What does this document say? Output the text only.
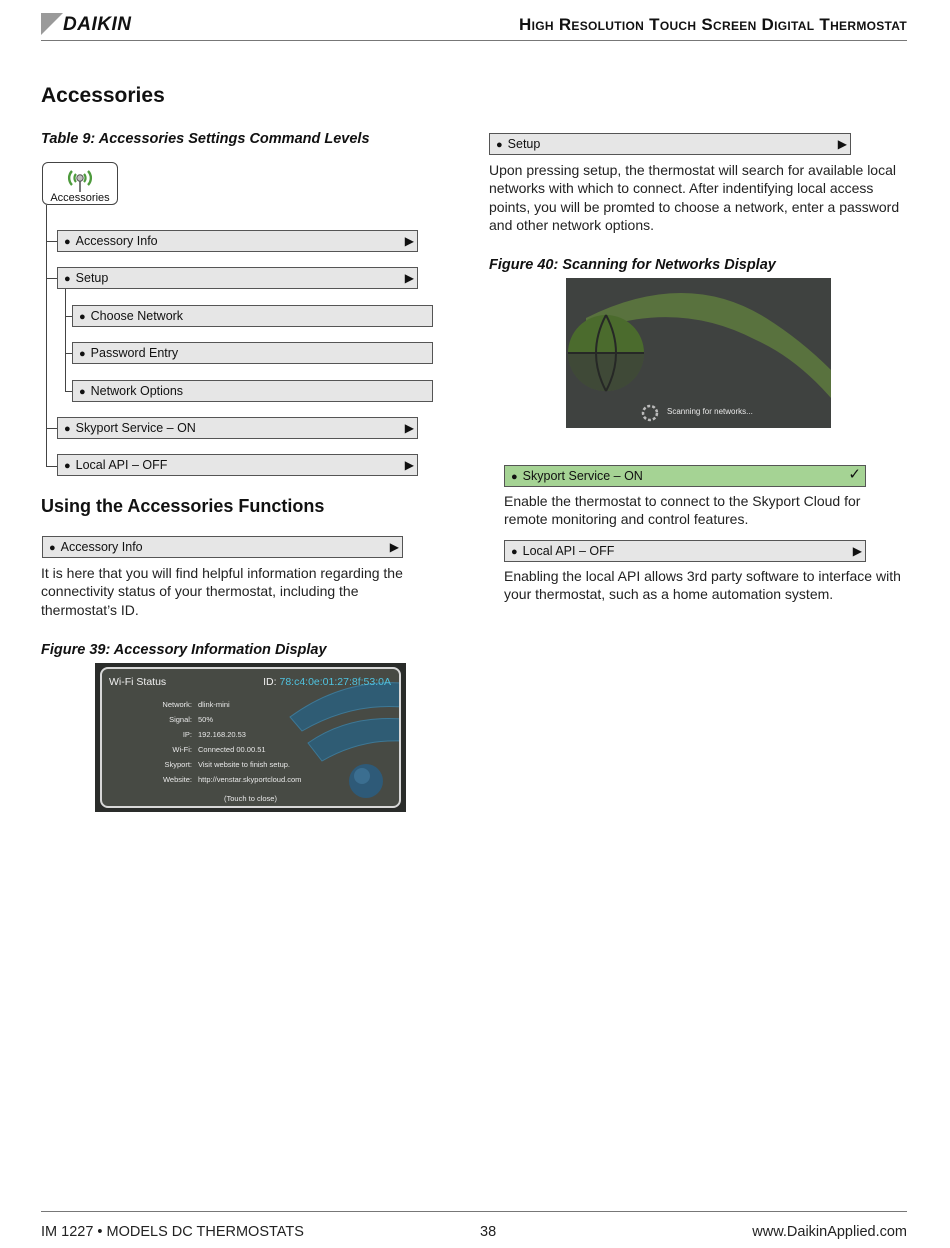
DAIKIN	High Resolution Touch Screen Digital Thermostat
Accessories
Table 9: Accessories Settings Command Levels
Accessories
● Accessory Info	▶
● Setup	▶
● Choose Network
● Password Entry
● Network Options
● Skyport Service – ON	▶
● Local API – OFF	▶
Using the Accessories Functions
● Accessory Info	▶
It is here that you will find helpful information regarding the connectivity status of your thermostat, including the thermostat’s ID.
Figure 39: Accessory Information Display
Wi-Fi Status	ID: 78:c4:0e:01:27:8f:53:0A
Network: dlink-mini
Signal: 50%
IP: 192.168.20.53
Wi-Fi: Connected 00.00.51
Skyport: Visit website to finish setup.
Website: http://venstar.skyportcloud.com
(Touch to close)
● Setup	▶
Upon pressing setup, the thermostat will search for available local networks with which to connect. After indentifying local access points, you will be promted to choose a network, enter a password and other network options.
Figure 40: Scanning for Networks Display
Scanning for networks...
● Skyport Service – ON	✓
Enable the thermostat to connect to the Skyport Cloud for remote monitoring and control features.
● Local API – OFF	▶
Enabling the local API allows 3rd party software to interface with your thermostat, such as a home automation system.
IM 1227 • MODELS DC THERMOSTATS	38	www.DaikinApplied.com
